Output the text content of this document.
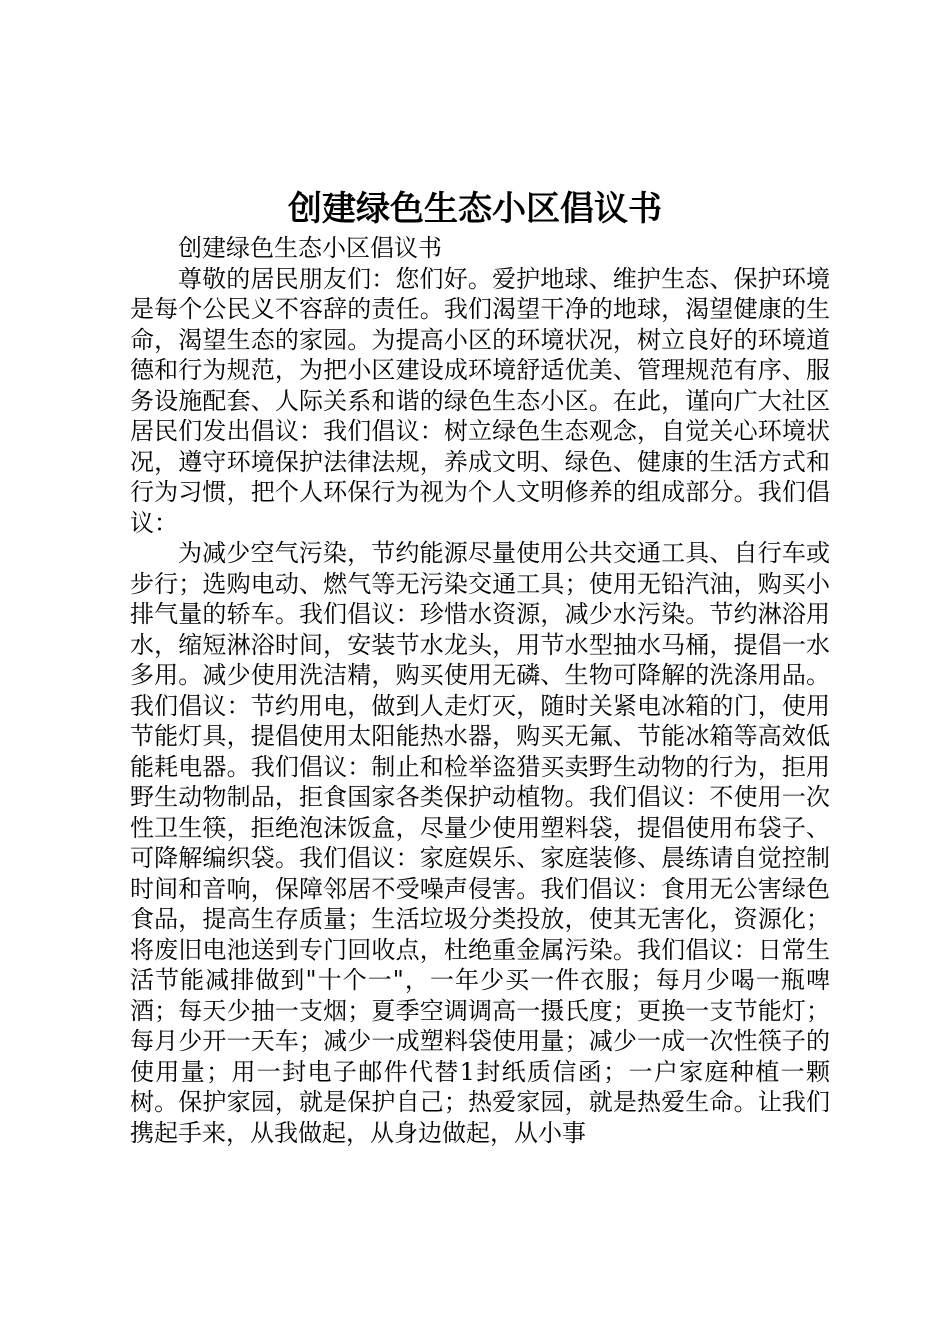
创建绿色生态小区倡议书

创建绿色生态小区倡议书

尊敬的居民朋友们：您们好。爱护地球、维护生态、保护环境是每个公民义不容辞的责任。我们渴望干净的地球，渴望健康的生命，渴望生态的家园。为提高小区的环境状况，树立良好的环境道德和行为规范，为把小区建设成环境舒适优美、管理规范有序、服务设施配套、人际关系和谐的绿色生态小区。在此，谨向广大社区居民们发出倡议：我们倡议：树立绿色生态观念，自觉关心环境状况，遵守环境保护法律法规，养成文明、绿色、健康的生活方式和行为习惯，把个人环保行为视为个人文明修养的组成部分。我们倡议：

为减少空气污染，节约能源尽量使用公共交通工具、自行车或步行；选购电动、燃气等无污染交通工具；使用无铅汽油，购买小排气量的轿车。我们倡议：珍惜水资源，减少水污染。节约淋浴用水，缩短淋浴时间，安装节水龙头，用节水型抽水马桶，提倡一水多用。减少使用洗洁精，购买使用无磷、生物可降解的洗涤用品。我们倡议：节约用电，做到人走灯灭，随时关紧电冰箱的门，使用节能灯具，提倡使用太阳能热水器，购买无氟、节能冰箱等高效低能耗电器。我们倡议：制止和检举盗猎买卖野生动物的行为，拒用野生动物制品，拒食国家各类保护动植物。我们倡议：不使用一次性卫生筷，拒绝泡沫饭盒，尽量少使用塑料袋，提倡使用布袋子、可降解编织袋。我们倡议：家庭娱乐、家庭装修、晨练请自觉控制时间和音响，保障邻居不受噪声侵害。我们倡议：食用无公害绿色食品，提高生存质量；生活垃圾分类投放，使其无害化，资源化；将废旧电池送到专门回收点，杜绝重金属污染。我们倡议：日常生活节能减排做到"十个一"，一年少买一件衣服；每月少喝一瓶啤酒；每天少抽一支烟；夏季空调调高一摄氏度；更换一支节能灯；每月少开一天车；减少一成塑料袋使用量；减少一成一次性筷子的使用量；用一封电子邮件代替1封纸质信函；一户家庭种植一颗树。保护家园，就是保护自己；热爱家园，就是热爱生命。让我们携起手来，从我做起，从身边做起，从小事
